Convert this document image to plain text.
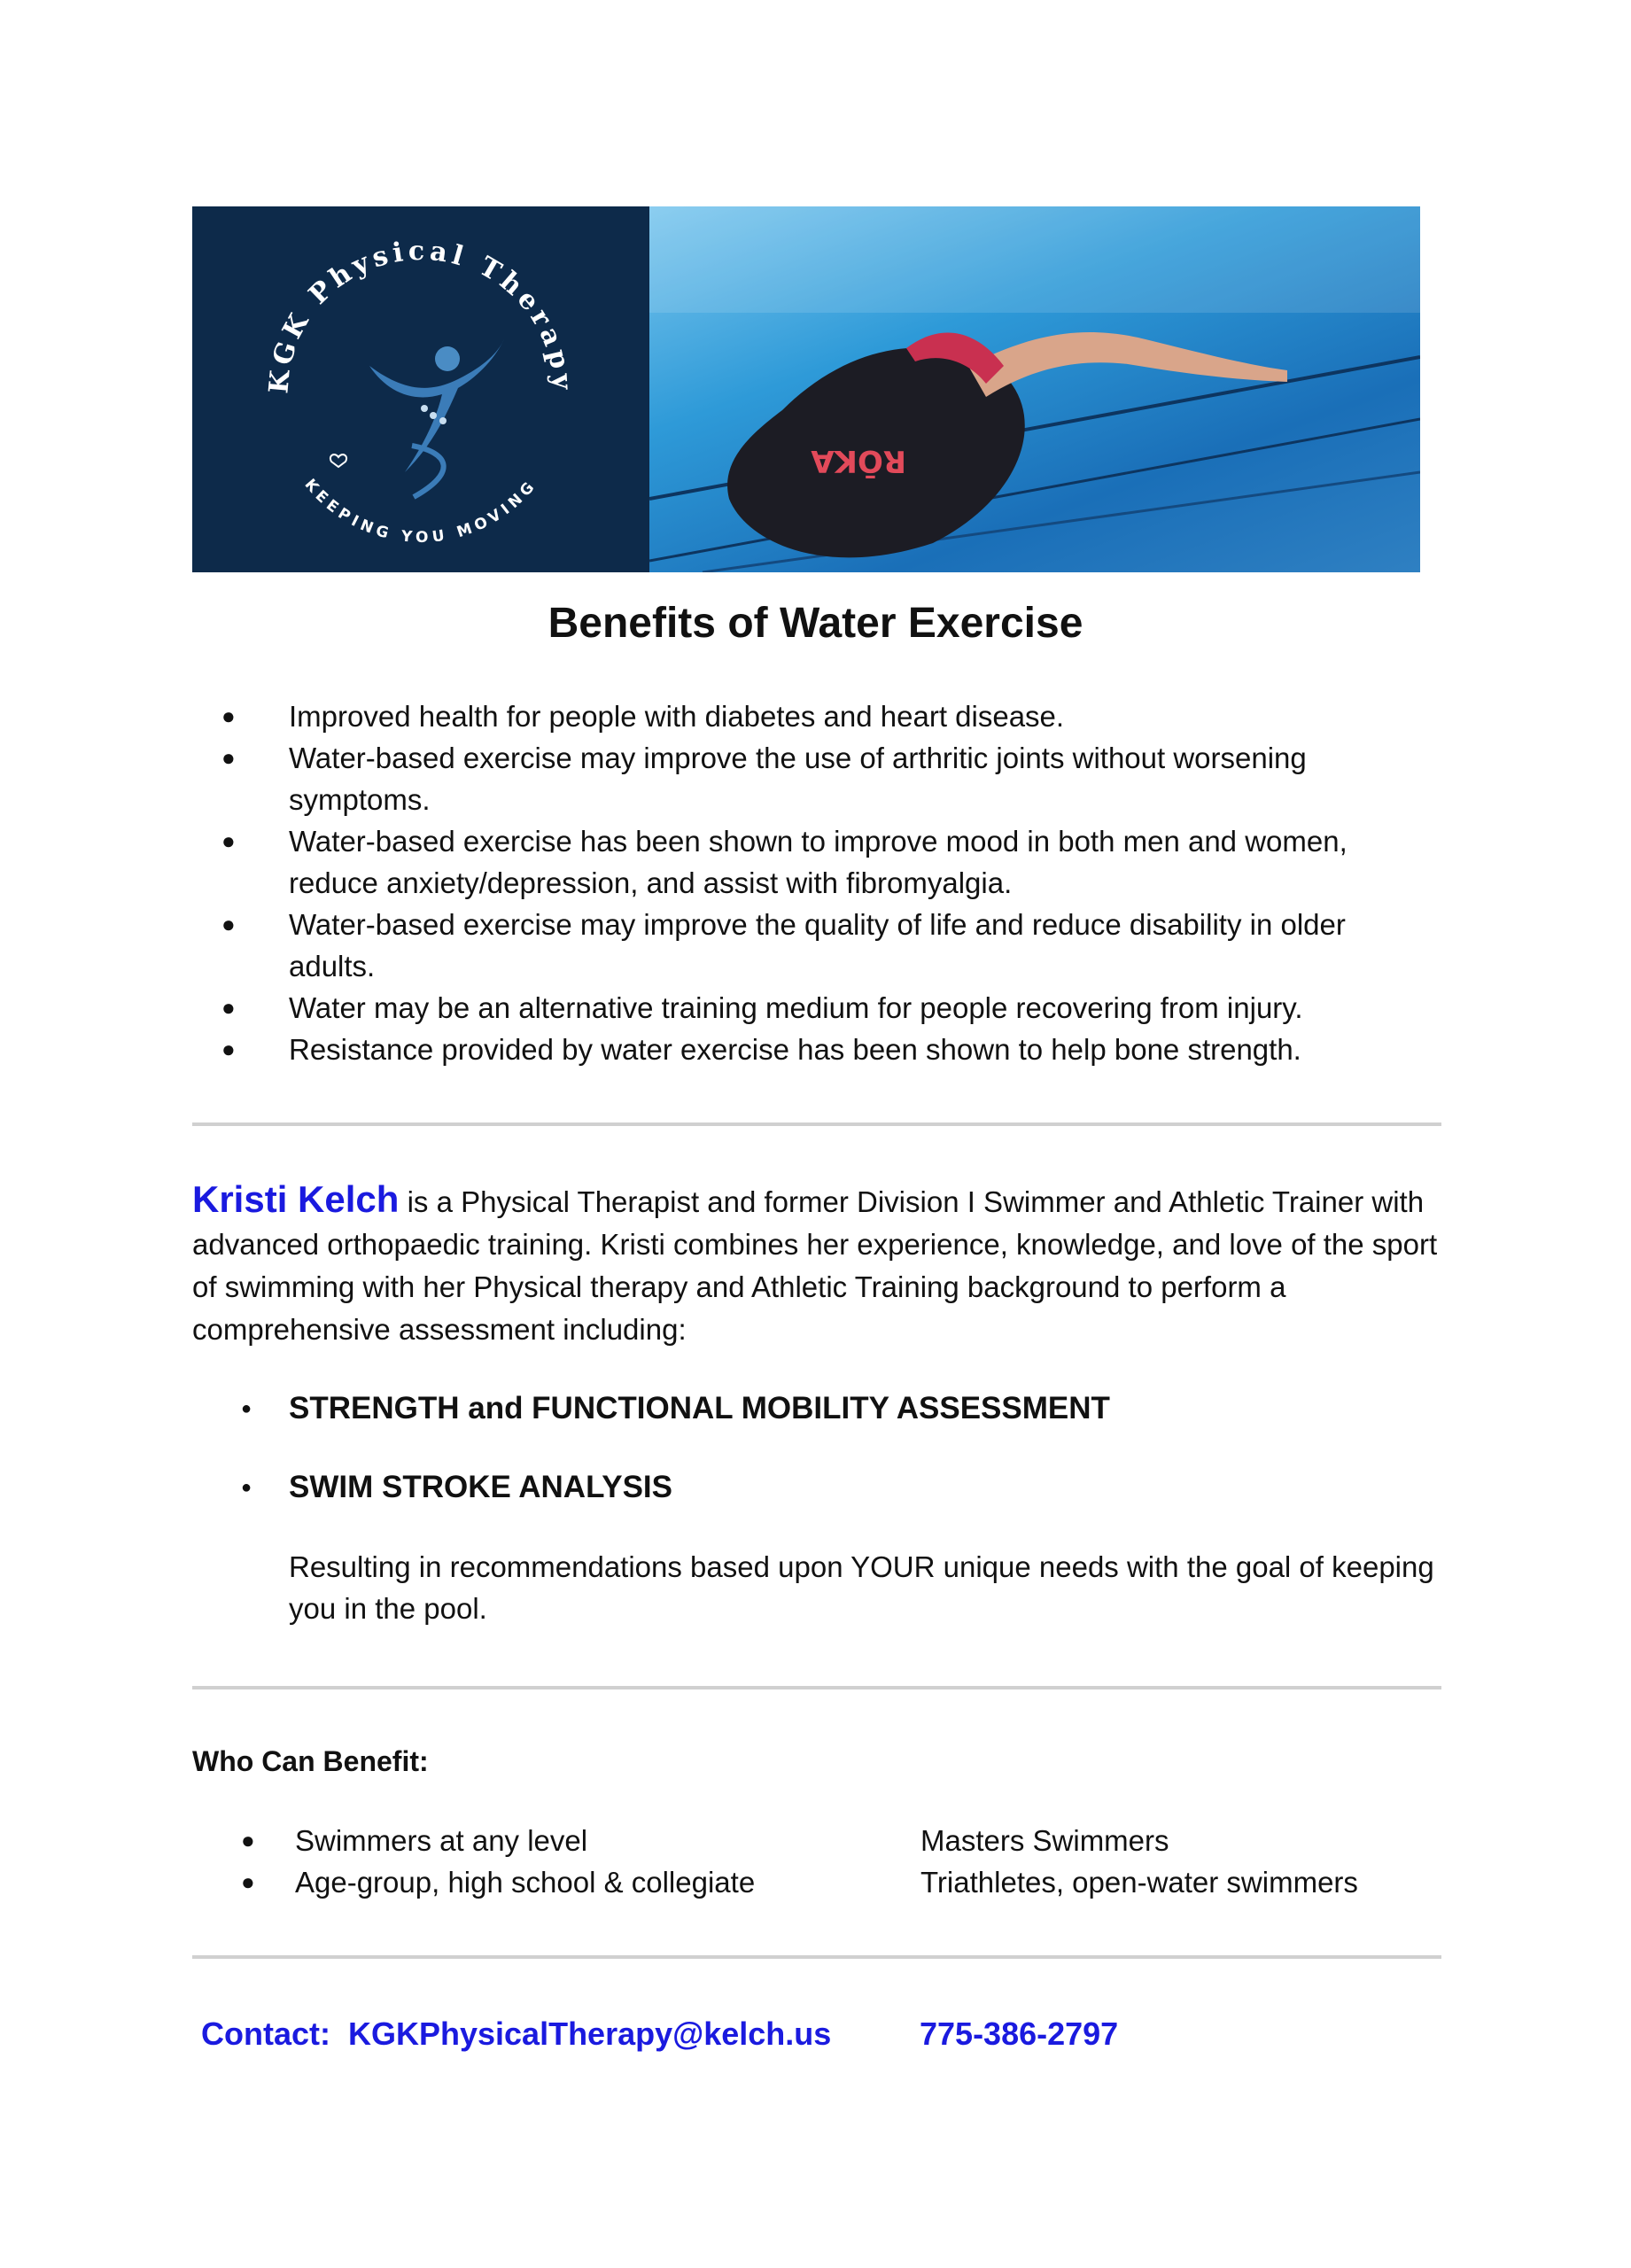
KGK Physical Therapy
KEEPING YOU MOVING
RŌKA
Benefits of Water Exercise
● Improved health for people with diabetes and heart disease.
● Water-based exercise may improve the use of arthritic joints without worsening symptoms.
● Water-based exercise has been shown to improve mood in both men and women, reduce anxiety/depression, and assist with fibromyalgia.
● Water-based exercise may improve the quality of life and reduce disability in older adults.
● Water may be an alternative training medium for people recovering from injury.
● Resistance provided by water exercise has been shown to help bone strength.

Kristi Kelch is a Physical Therapist and former Division I Swimmer and Athletic Trainer with advanced orthopaedic training. Kristi combines her experience, knowledge, and love of the sport of swimming with her Physical therapy and Athletic Training background to perform a comprehensive assessment including:

● STRENGTH and FUNCTIONAL MOBILITY ASSESSMENT
● SWIM STROKE ANALYSIS

Resulting in recommendations based upon YOUR unique needs with the goal of keeping you in the pool.

Who Can Benefit:
● Swimmers at any level	Masters Swimmers
● Age-group, high school & collegiate	Triathletes, open-water swimmers
Contact:  KGKPhysicalTherapy@kelch.us	775-386-2797
